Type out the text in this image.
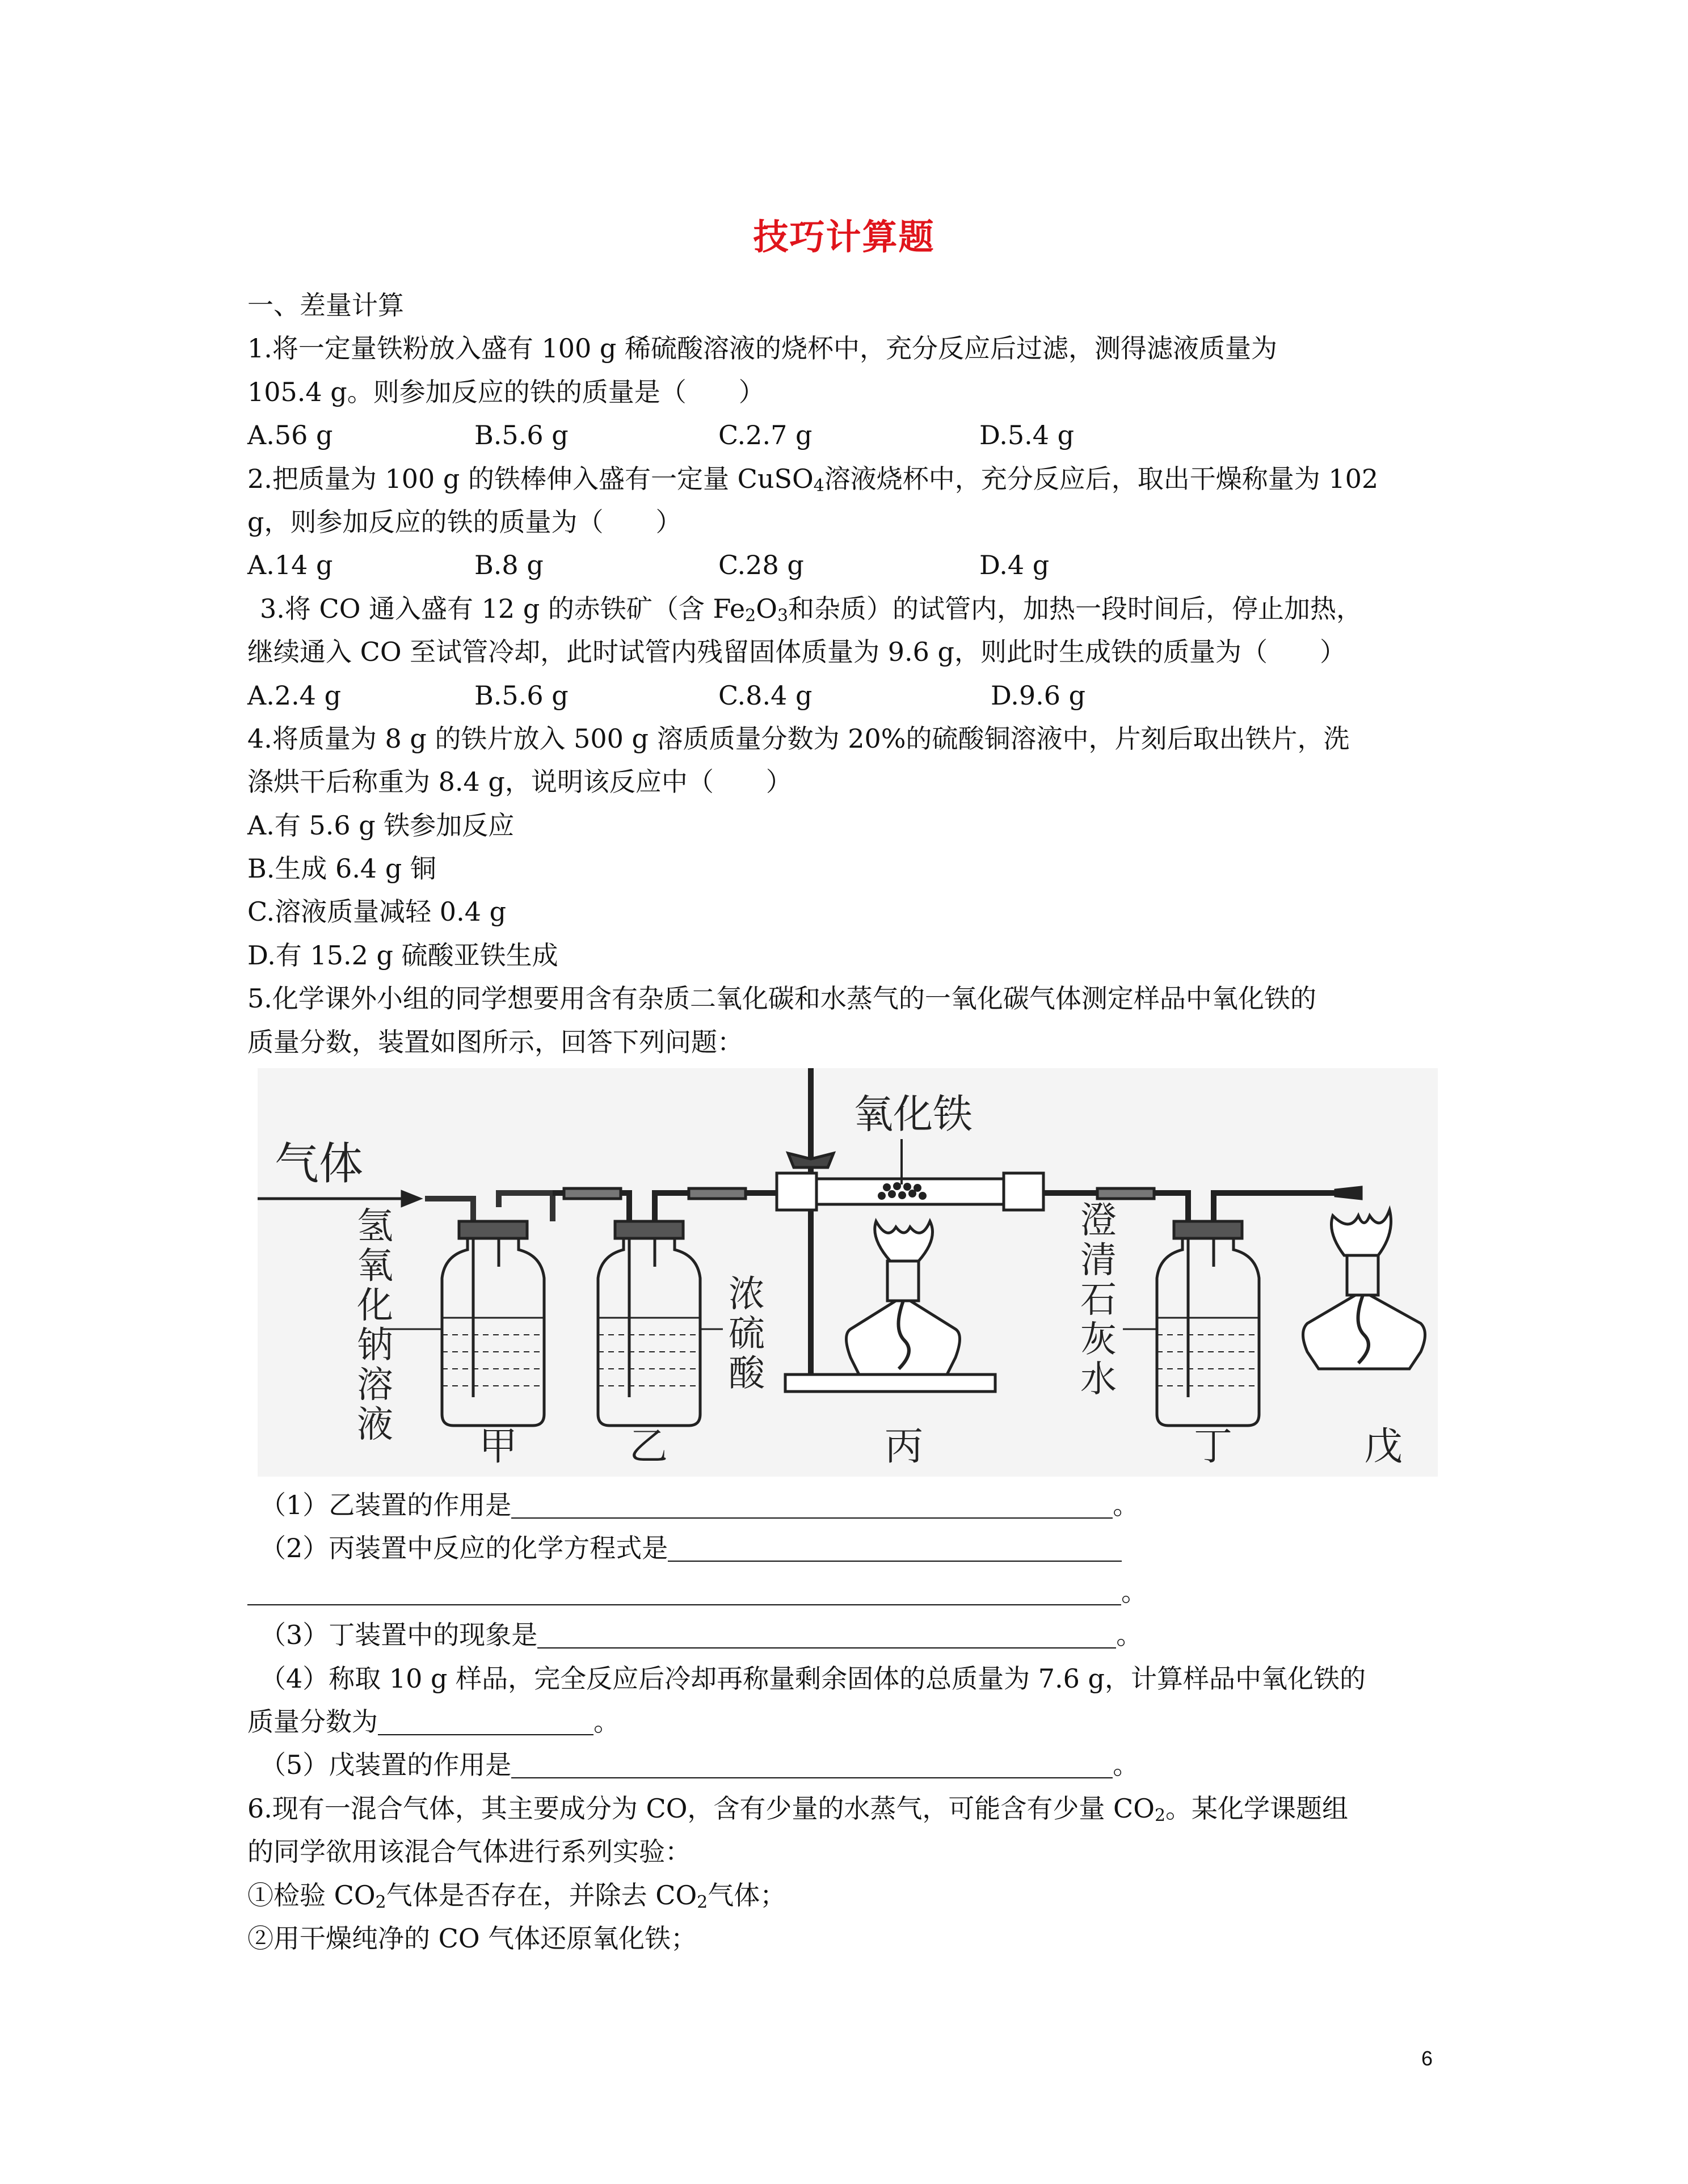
技巧计算题
一、差量计算
1.将一定量铁粉放入盛有 100 g 稀硫酸溶液的烧杯中，充分反应后过滤，测得滤液质量为
105.4 g。则参加反应的铁的质量是（　　）
A.56 g	B.5.6 g	C.2.7 g	D.5.4 g
2.把质量为 100 g 的铁棒伸入盛有一定量 CuSO$_4$溶液烧杯中，充分反应后，取出干燥称量为 102
g，则参加反应的铁的质量为（　　）
A.14 g	B.8 g	C.28 g	D.4 g
3.将 CO 通入盛有 12 g 的赤铁矿（含 $Fe_2O_3$和杂质）的试管内，加热一段时间后，停止加热，
继续通入 CO 至试管冷却，此时试管内残留固体质量为 9.6 g，则此时生成铁的质量为（　　）
A.2.4 g	B.5.6 g	C.8.4 g	D.9.6 g
4.将质量为 8 g 的铁片放入 500 g 溶质质量分数为 20%的硫酸铜溶液中，片刻后取出铁片，洗
涤烘干后称重为 8.4 g，说明该反应中（　　）
A.有 5.6 g 铁参加反应
B.生成 6.4 g 铜
C.溶液质量减轻 0.4 g
D.有 15.2 g 硫酸亚铁生成
5.化学课外小组的同学想要用含有杂质二氧化碳和水蒸气的一氧化碳气体测定样品中氧化铁的
质量分数，装置如图所示，回答下列问题：
气体
氢
氧
化
钠
溶
液
浓
硫
酸
氧化铁
澄
清
石
灰
水
甲	乙	丙	丁	戊
（1）乙装置的作用是	。
（2）丙装置中反应的化学方程式是
。
（3）丁装置中的现象是	。
（4）称取 10 g 样品，完全反应后冷却再称量剩余固体的总质量为 7.6 g，计算样品中氧化铁的
质量分数为	。
（5）戊装置的作用是	。
6.现有一混合气体，其主要成分为 CO，含有少量的水蒸气，可能含有少量 $CO_2$。某化学课题组
的同学欲用该混合气体进行系列实验：
①检验 $CO_2$气体是否存在，并除去 $CO_2$气体；
②用干燥纯净的 CO 气体还原氧化铁；
6
